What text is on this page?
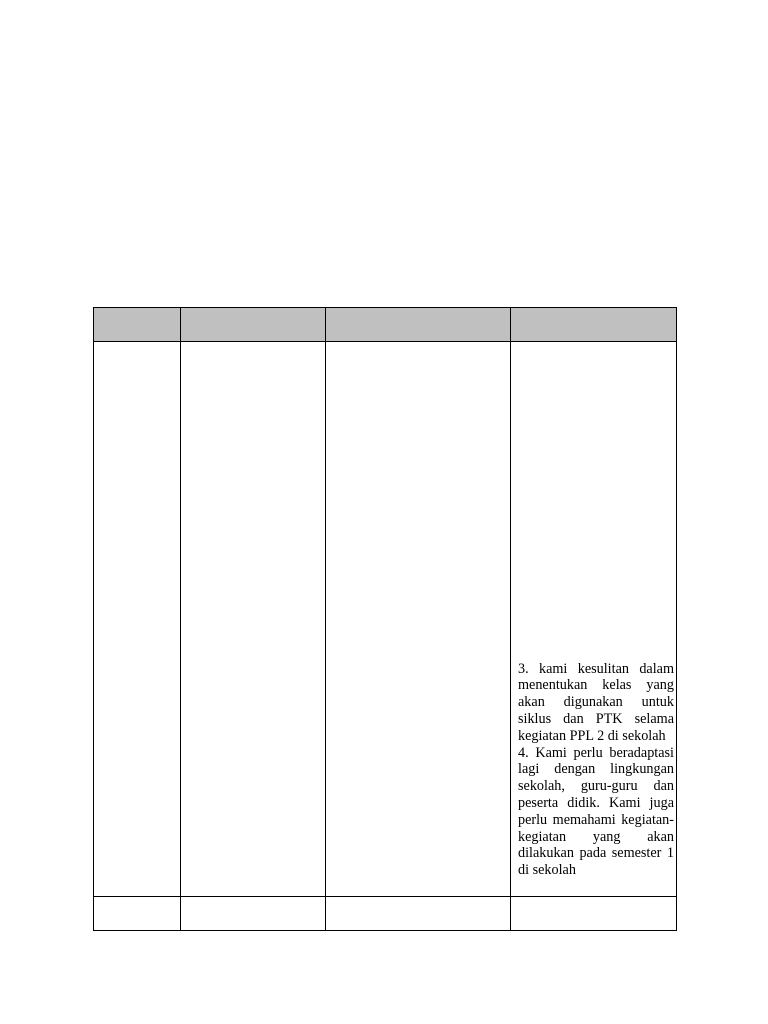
			3. kami kesulitan dalam menentukan kelas yang akan digunakan untuk siklus dan PTK selama kegiatan PPL 2 di sekolah

4. Kami perlu beradaptasi lagi dengan lingkungan sekolah, guru-guru dan peserta didik. Kami juga perlu memahami kegiatan-kegiatan yang akan dilakukan pada semester 1 di sekolah
